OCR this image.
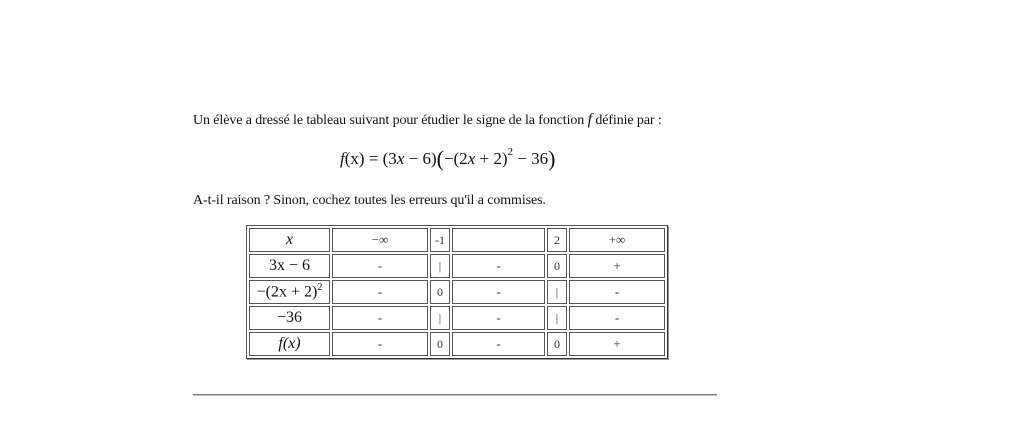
Un élève a dressé le tableau suivant pour étudier le signe de la fonction f définie par :

$f(x) = (3x - 6)(-(2x + 2)^2 - 36)$

A-t-il raison ? Sinon, cochez toutes les erreurs qu'il a commises.

x	−∞	-1		2	+∞
3x − 6	-	|	-	0	+
$-(2x + 2)^2$	-	0	-	|	-
−36	-	|	-	|	-
f(x)	-	0	-	0	+
